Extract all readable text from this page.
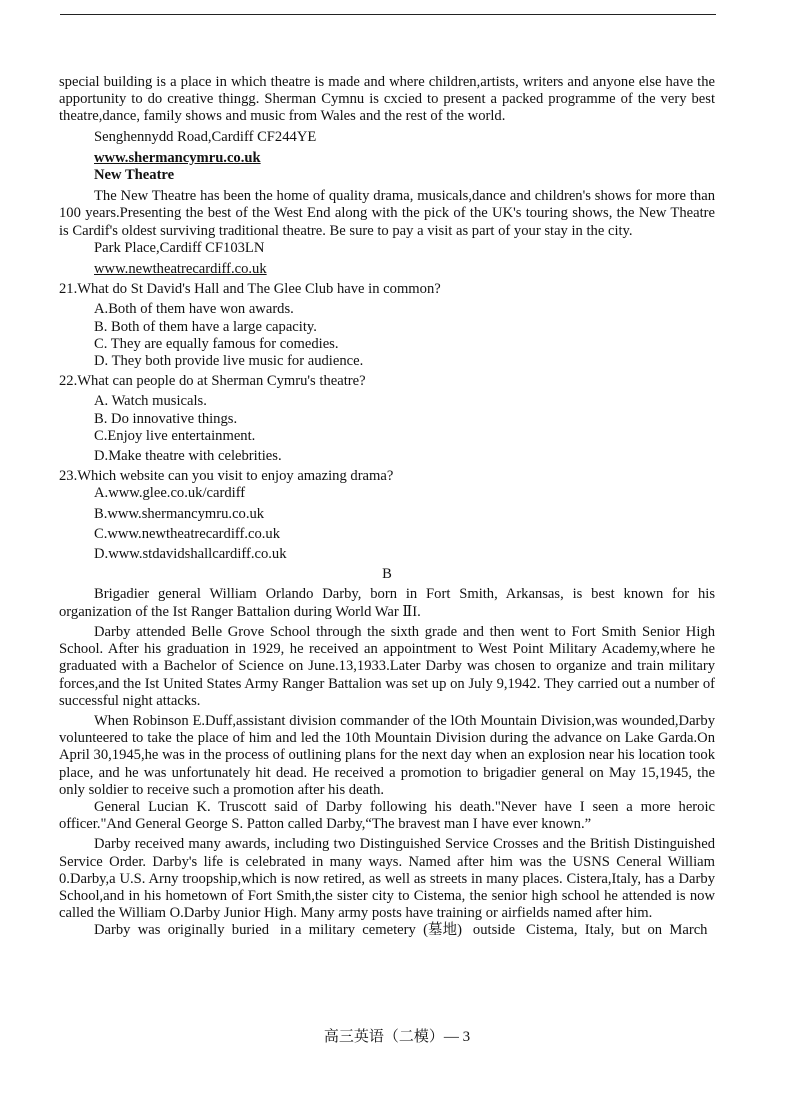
special building is a place in which theatre is made and where children,artists, writers and anyone else have the apportunity to do creative thingg. Sherman Cymnu is cxcied to present a packed programme of the very best theatre,dance, family shows and music from Wales and the rest of the world.

Senghennydd Road,Cardiff CF244YE

www.shermancymru.co.uk

New Theatre

The New Theatre has been the home of quality drama, musicals,dance and children's shows for more than 100 years.Presenting the best of the West End along with the pick of the UK's touring shows, the New Theatre is Cardif's oldest surviving traditional theatre. Be sure to pay a visit as part of your stay in the city.

Park Place,Cardiff CF103LN

www.newtheatrecardiff.co.uk

21.What do St David's Hall and The Glee Club have in common?

A.Both of them have won awards.

B. Both of them have a large capacity.

C. They are equally famous for comedies.

D. They both provide live music for audience.

22.What can people do at Sherman Cymru's theatre?

A. Watch musicals.

B. Do innovative things.

C.Enjoy live entertainment.

D.Make theatre with celebrities.

23.Which website can you visit to enjoy amazing drama?

A.www.glee.co.uk/cardiff

B.www.shermancymru.co.uk

C.www.newtheatrecardiff.co.uk

D.www.stdavidshallcardiff.co.uk

B

Brigadier general William Orlando Darby, born in Fort Smith, Arkansas, is best known for his organization of the Ist Ranger Battalion during World War ⅡI.

Darby attended Belle Grove School through the sixth grade and then went to Fort Smith Senior High School. After his graduation in 1929, he received an appointment to West Point Military Academy,where he graduated with a Bachelor of Science on June.13,1933.Later Darby was chosen to organize and train military forces,and the Ist United States Army Ranger Battalion was set up on July 9,1942. They carried out a number of successful night attacks.

When Robinson E.Duff,assistant division commander of the lOth Mountain Division,was wounded,Darby volunteered to take the place of him and led the 10th Mountain Division during the advance on Lake Garda.On April 30,1945,he was in the process of outlining plans for the next day when an explosion near his location took place, and he was unfortunately hit dead. He received a promotion to brigadier general on May 15,1945, the only soldier to receive such a promotion after his death.

General Lucian K. Truscott said of Darby following his death."Never have I seen a more heroic officer."And General George S. Patton called Darby,“The bravest man I have ever known.”

Darby received many awards, including two Distinguished Service Crosses and the British Distinguished Service Order. Darby's life is celebrated in many ways. Named after him was the USNS Ceneral William 0.Darby,a U.S. Arny troopship,which is now retired, as well as streets in many places. Cistera,Italy, has a Darby School,and in his hometown of Fort Smith,the sister city to Cistema, the senior high school he attended is now called the William O.Darby Junior High. Many army posts have training or airfields named after him.

Darby  was  originally  buried   in a  military  cemetery  (墓地)   outside   Cistema,  Italy,  but  on  March

高三英语（二模）— 3
